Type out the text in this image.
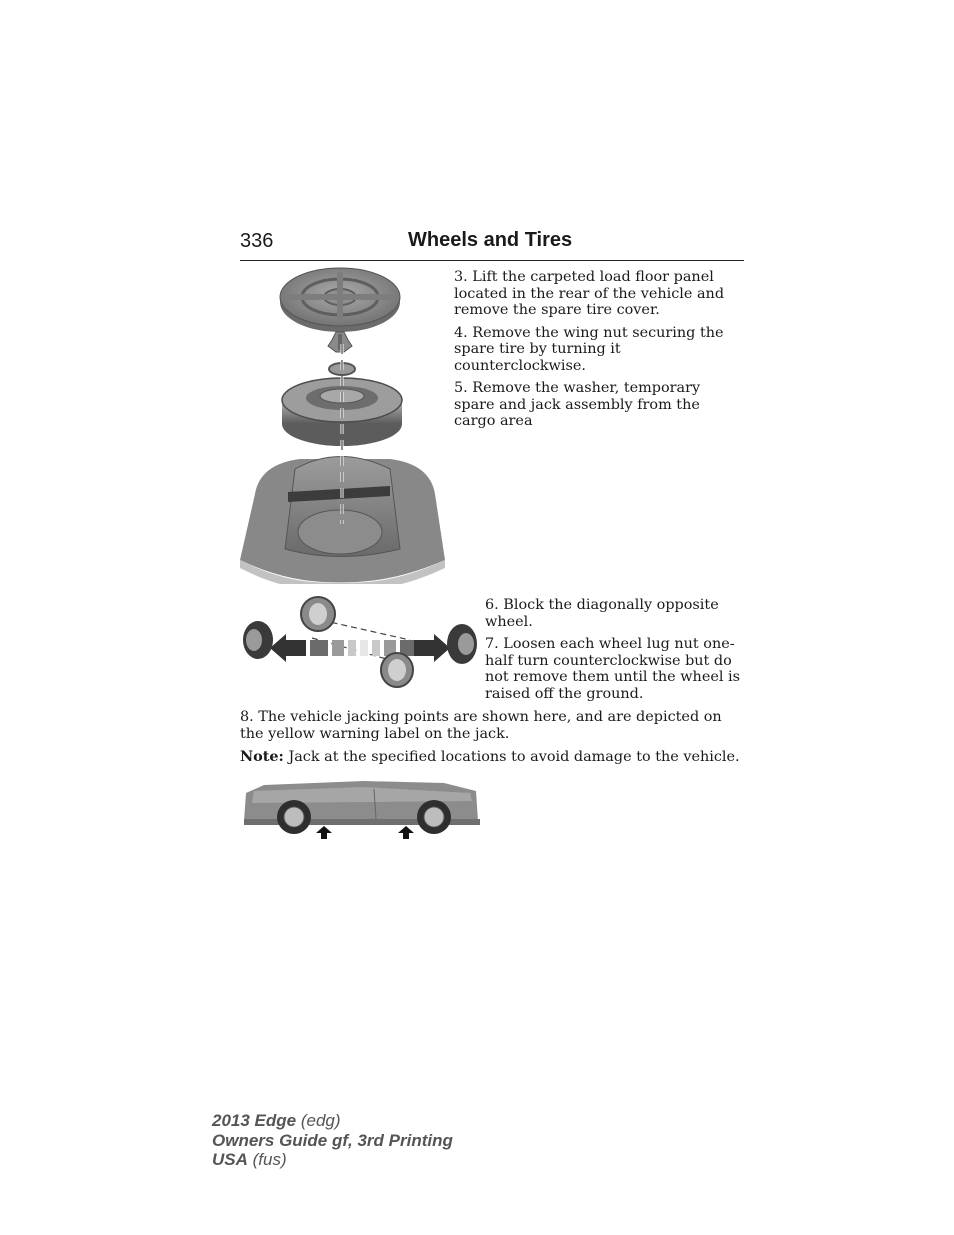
336	Wheels and Tires

3. Lift the carpeted load floor panel located in the rear of the vehicle and remove the spare tire cover.

4. Remove the wing nut securing the spare tire by turning it counterclockwise.

5. Remove the washer, temporary spare and jack assembly from the cargo area

6. Block the diagonally opposite wheel.

7. Loosen each wheel lug nut one-half turn counterclockwise but do not remove them until the wheel is raised off the ground.

8. The vehicle jacking points are shown here, and are depicted on the yellow warning label on the jack.

Note: Jack at the specified locations to avoid damage to the vehicle.

2013 Edge (edg)
Owners Guide gf, 3rd Printing
USA (fus)
